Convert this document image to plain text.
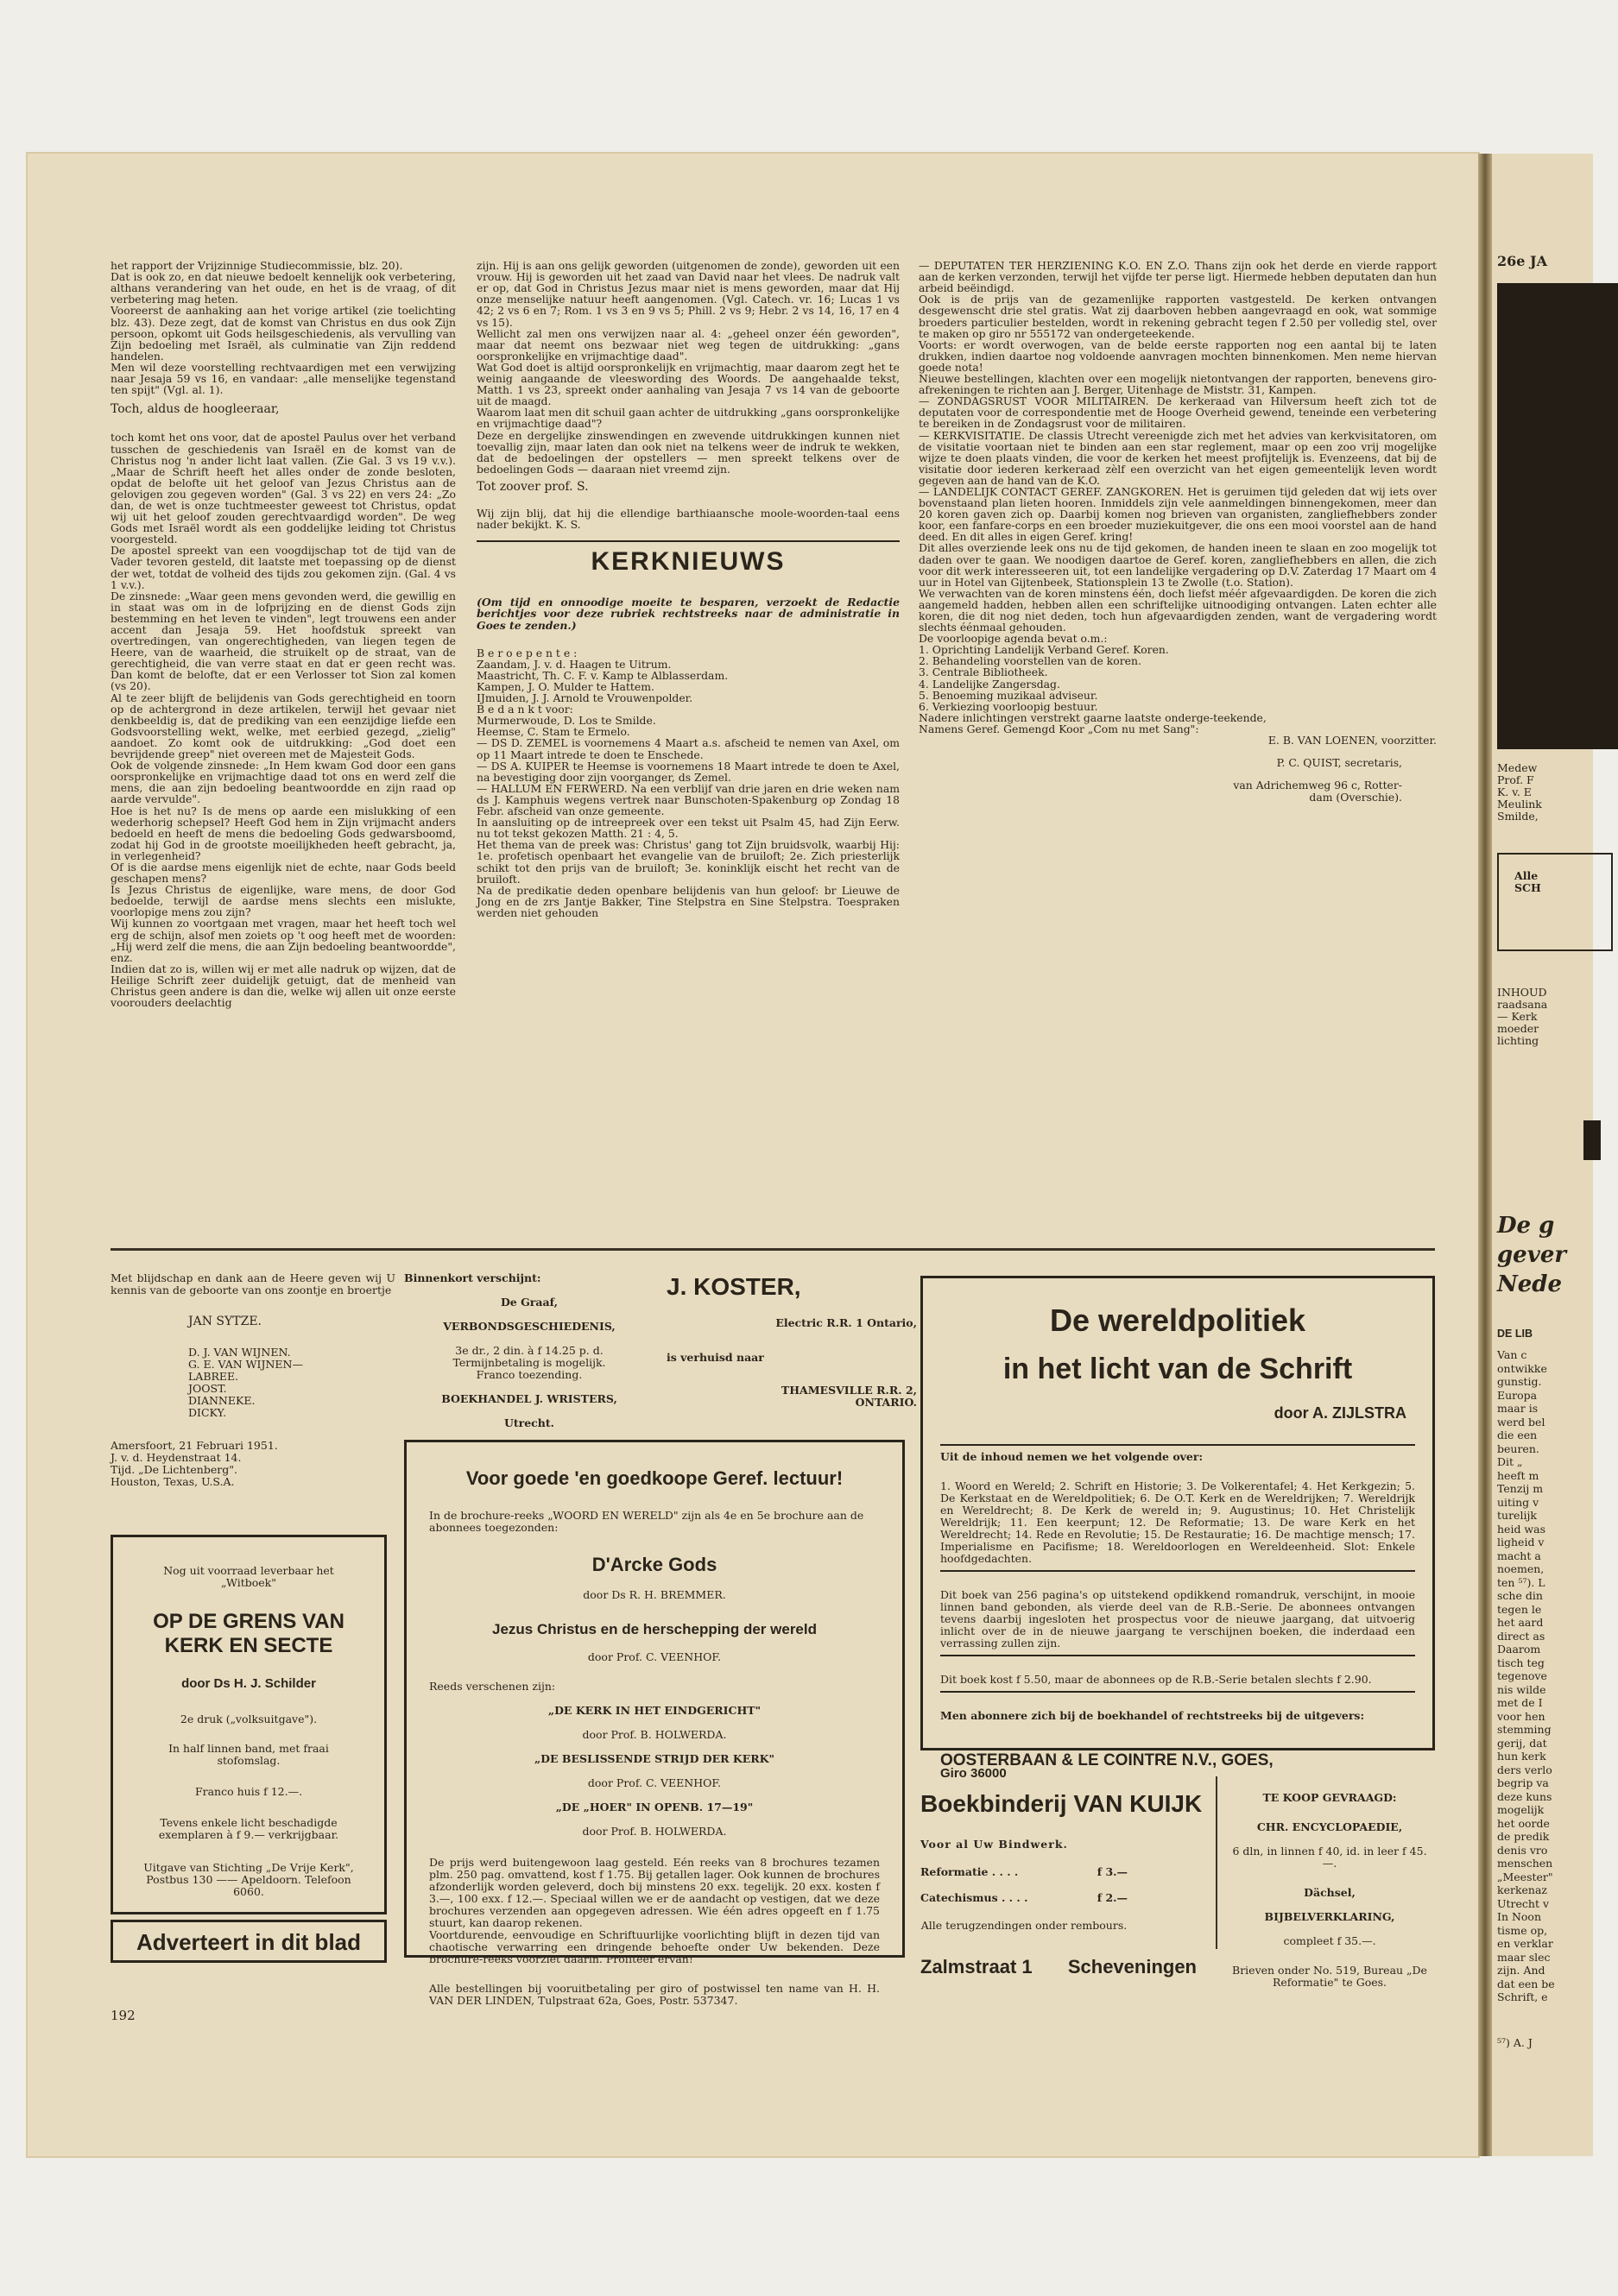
het rapport der Vrijzinnige Studiecommissie, blz. 20).
Dat is ook zo, en dat nieuwe bedoelt kennelijk ook verbetering, althans verandering van het oude, en het is de vraag, of dit verbetering mag heten.
Vooreerst de aanhaking aan het vorige artikel (zie toelichting blz. 43). Deze zegt, dat de komst van Christus en dus ook Zijn persoon, opkomt uit Gods heilsgeschiedenis, als vervulling van Zijn bedoeling met Israël, als culminatie van Zijn reddend handelen.
Men wil deze voorstelling rechtvaardigen met een verwijzing naar Jesaja 59 vs 16, en vandaar: „alle menselijke tegenstand ten spijt" (Vgl. al. 1).

Toch, aldus de hoogleeraar,

toch komt het ons voor, dat de apostel Paulus over het verband tusschen de geschiedenis van Israël en de komst van de Christus nog 'n ander licht laat vallen. (Zie Gal. 3 vs 19 v.v.). „Maar de Schrift heeft het alles onder de zonde besloten, opdat de belofte uit het geloof van Jezus Christus aan de gelovigen zou gegeven worden" (Gal. 3 vs 22) en vers 24: „Zo dan, de wet is onze tuchtmeester geweest tot Christus, opdat wij uit het geloof zouden gerechtvaardigd worden". De weg Gods met Israël wordt als een goddelijke leiding tot Christus voorgesteld.
De apostel spreekt van een voogdijschap tot de tijd van de Vader tevoren gesteld, dit laatste met toepassing op de dienst der wet, totdat de volheid des tijds zou gekomen zijn. (Gal. 4 vs 1 v.v.).
De zinsnede: „Waar geen mens gevonden werd, die gewillig en in staat was om in de lofprijzing en de dienst Gods zijn bestemming en het leven te vinden", legt trouwens een ander accent dan Jesaja 59. Het hoofdstuk spreekt van overtredingen, van ongerechtigheden, van liegen tegen de Heere, van de waarheid, die struikelt op de straat, van de gerechtigheid, die van verre staat en dat er geen recht was. Dan komt de belofte, dat er een Verlosser tot Sion zal komen (vs 20).
Al te zeer blijft de belijdenis van Gods gerechtigheid en toorn op de achtergrond in deze artikelen, terwijl het gevaar niet denkbeeldig is, dat de prediking van een eenzijdige liefde een Godsvoorstelling wekt, welke, met eerbied gezegd, „zielig" aandoet. Zo komt ook de uitdrukking: „God doet een bevrijdende greep" niet overeen met de Majesteit Gods.
Ook de volgende zinsnede: „In Hem kwam God door een gans oorspronkelijke en vrijmachtige daad tot ons en werd zelf die mens, die aan zijn bedoeling beantwoordde en zijn raad op aarde vervulde".
Hoe is het nu? Is de mens op aarde een mislukking of een wederhorig schepsel? Heeft God hem in Zijn vrijmacht anders bedoeld en heeft de mens die bedoeling Gods gedwarsboomd, zodat hij God in de grootste moeilijkheden heeft gebracht, ja, in verlegenheid?
Of is die aardse mens eigenlijk niet de echte, naar Gods beeld geschapen mens?
Is Jezus Christus de eigenlijke, ware mens, de door God bedoelde, terwijl de aardse mens slechts een mislukte, voorlopige mens zou zijn?
Wij kunnen zo voortgaan met vragen, maar het heeft toch wel erg de schijn, alsof men zoiets op 't oog heeft met de woorden: „Hij werd zelf die mens, die aan Zijn bedoeling beantwoordde", enz.
Indien dat zo is, willen wij er met alle nadruk op wijzen, dat de Heilige Schrift zeer duidelijk getuigt, dat de menheid van Christus geen andere is dan die, welke wij allen uit onze eerste voorouders deelachtig

zijn. Hij is aan ons gelijk geworden (uitgenomen de zonde), geworden uit een vrouw. Hij is geworden uit het zaad van David naar het vlees. De nadruk valt er op, dat God in Christus Jezus maar niet is mens geworden, maar dat Hij onze menselijke natuur heeft aangenomen. (Vgl. Catech. vr. 16; Lucas 1 vs 42; 2 vs 6 en 7; Rom. 1 vs 3 en 9 vs 5; Phill. 2 vs 9; Hebr. 2 vs 14, 16, 17 en 4 vs 15).
Wellicht zal men ons verwijzen naar al. 4: „geheel onzer één geworden", maar dat neemt ons bezwaar niet weg tegen de uitdrukking: „gans oorspronkelijke en vrijmachtige daad".
Wat God doet is altijd oorspronkelijk en vrijmachtig, maar daarom zegt het te weinig aangaande de vleeswording des Woords. De aangehaalde tekst, Matth. 1 vs 23, spreekt onder aanhaling van Jesaja 7 vs 14 van de geboorte uit de maagd.
Waarom laat men dit schuil gaan achter de uitdrukking „gans oorspronkelijke en vrijmachtige daad"?
Deze en dergelijke zinswendingen en zwevende uitdrukkingen kunnen niet toevallig zijn, maar laten dan ook niet na telkens weer de indruk te wekken, dat de bedoelingen der opstellers — men spreekt telkens over de bedoelingen Gods — daaraan niet vreemd zijn.

Tot zoover prof. S.

Wij zijn blij, dat hij die ellendige barthiaansche moole-woorden-taal eens nader bekijkt. K. S.

KERKNIEUWS

(Om tijd en onnoodige moeite te besparen, verzoekt de Redactie berichtjes voor deze rubriek rechtstreeks naar de administratie in Goes te zenden.)

B e r o e p e n t e :
Zaandam, J. v. d. Haagen te Uitrum.
Maastricht, Th. C. F. v. Kamp te Alblasserdam.
Kampen, J. O. Mulder te Hattem.
IJmuiden, J. J. Arnold te Vrouwenpolder.
B e d a n k t voor:
Murmerwoude, D. Los te Smilde.
Heemse, C. Stam te Ermelo.
— DS D. ZEMEL is voornemens 4 Maart a.s. afscheid te nemen van Axel, om op 11 Maart intrede te doen te Enschede.
— DS A. KUIPER te Heemse is voornemens 18 Maart intrede te doen te Axel, na bevestiging door zijn voorganger, ds Zemel.
— HALLUM EN FERWERD. Na een verblijf van drie jaren en drie weken nam ds J. Kamphuis wegens vertrek naar Bunschoten-Spakenburg op Zondag 18 Febr. afscheid van onze gemeente.
In aansluiting op de intreepreek over een tekst uit Psalm 45, had Zijn Eerw. nu tot tekst gekozen Matth. 21 : 4, 5.
Het thema van de preek was: Christus' gang tot Zijn bruidsvolk, waarbij Hij: 1e. profetisch openbaart het evangelie van de bruiloft; 2e. Zich priesterlijk schikt tot den prijs van de bruiloft; 3e. koninklijk eischt het recht van de bruiloft.
Na de predikatie deden openbare belijdenis van hun geloof: br Lieuwe de Jong en de zrs Jantje Bakker, Tine Stelpstra en Sine Stelpstra. Toespraken werden niet gehouden

— DEPUTATEN TER HERZIENING K.O. EN Z.O. Thans zijn ook het derde en vierde rapport aan de kerken verzonden, terwijl het vijfde ter perse ligt. Hiermede hebben deputaten dan hun arbeid beëindigd.
Ook is de prijs van de gezamenlijke rapporten vastgesteld. De kerken ontvangen desgewenscht drie stel gratis. Wat zij daarboven hebben aangevraagd en ook, wat sommige broeders particulier bestelden, wordt in rekening gebracht tegen f 2.50 per volledig stel, over te maken op giro nr 555172 van ondergeteekende.
Voorts: er wordt overwogen, van de belde eerste rapporten nog een aantal bij te laten drukken, indien daartoe nog voldoende aanvragen mochten binnenkomen. Men neme hiervan goede nota!
Nieuwe bestellingen, klachten over een mogelijk nietontvangen der rapporten, benevens giro-afrekeningen te richten aan J. Berger, Uitenhage de Miststr. 31, Kampen.
— ZONDAGSRUST VOOR MILITAIREN. De kerkeraad van Hilversum heeft zich tot de deputaten voor de correspondentie met de Hooge Overheid gewend, teneinde een verbetering te bereiken in de Zondagsrust voor de militairen.
— KERKVISITATIE. De classis Utrecht vereenigde zich met het advies van kerkvisitatoren, om de visitatie voortaan niet te binden aan een star reglement, maar op een zoo vrij mogelijke wijze te doen plaats vinden, die voor de kerken het meest profijtelijk is. Evenzeens, dat bij de visitatie door iederen kerkeraad zèlf een overzicht van het eigen gemeentelijk leven wordt gegeven aan de hand van de K.O.
— LANDELIJK CONTACT GEREF. ZANGKOREN. Het is geruimen tijd geleden dat wij iets over bovenstaand plan lieten hooren. Inmiddels zijn vele aanmeldingen binnengekomen, meer dan 20 koren gaven zich op. Daarbij komen nog brieven van organisten, zangliefhebbers zonder koor, een fanfare-corps en een broeder muziekuitgever, die ons een mooi voorstel aan de hand deed. En dit alles in eigen Geref. kring!
Dit alles overziende leek ons nu de tijd gekomen, de handen ineen te slaan en zoo mogelijk tot daden over te gaan. We noodigen daartoe de Geref. koren, zangliefhebbers en allen, die zich voor dit werk interesseeren uit, tot een landelijke vergadering op D.V. Zaterdag 17 Maart om 4 uur in Hotel van Gijtenbeek, Stationsplein 13 te Zwolle (t.o. Station).
We verwachten van de koren minstens één, doch liefst méér afgevaardigden. De koren die zich aangemeld hadden, hebben allen een schriftelijke uitnoodiging ontvangen. Laten echter alle koren, die dit nog niet deden, toch hun afgevaardigden zenden, want de vergadering wordt slechts éénmaal gehouden.
De voorloopige agenda bevat o.m.:
1. Oprichting Landelijk Verband Geref. Koren.
2. Behandeling voorstellen van de koren.
3. Centrale Bibliotheek.
4. Landelijke Zangersdag.
5. Benoeming muzikaal adviseur.
6. Verkiezing voorloopig bestuur.
Nadere inlichtingen verstrekt gaarne laatste onderge-teekende,
Namens Geref. Gemengd Koor „Com nu met Sang":

E. B. VAN LOENEN, voorzitter.

P. C. QUIST, secretaris,

van Adrichemweg 96 c, Rotter-
dam (Overschie).

Met blijdschap en dank aan de Heere geven wij U kennis van de geboorte van ons zoontje en broertje

JAN SYTZE.

D. J. VAN WIJNEN.
G. E. VAN WIJNEN—
LABREE.
JOOST.
DIANNEKE.
DICKY.

Amersfoort, 21 Februari 1951.
J. v. d. Heydenstraat 14.
Tijd. „De Lichtenberg".
Houston, Texas, U.S.A.

Nog uit voorraad leverbaar het „Witboek"

OP DE GRENS VAN KERK EN SECTE

door Ds H. J. Schilder

2e druk („volksuitgave").

In half linnen band, met fraai stofomslag.

Franco huis f 12.—.

Tevens enkele licht beschadigde exemplaren à f 9.— verkrijgbaar.

Uitgave van Stichting „De Vrije Kerk", Postbus 130 —— Apeldoorn. Telefoon 6060.

Adverteert in dit blad
192

Binnenkort verschijnt:

De Graaf,

VERBONDSGESCHIEDENIS,

3e dr., 2 din. à f 14.25 p. d.
Termijnbetaling is mogelijk.
Franco toezending.

BOEKHANDEL J. WRISTERS,

Utrecht.

J. KOSTER,

Electric R.R. 1 Ontario,

is verhuisd naar

THAMESVILLE R.R. 2,
ONTARIO.

Voor goede 'en goedkoope Geref. lectuur!

In de brochure-reeks „WOORD EN WERELD" zijn als 4e en 5e brochure aan de abonnees toegezonden:

D'Arcke Gods

door Ds R. H. BREMMER.

Jezus Christus en de herschepping der wereld

door Prof. C. VEENHOF.

Reeds verschenen zijn:

„DE KERK IN HET EINDGERICHT"

door Prof. B. HOLWERDA.

„DE BESLISSENDE STRIJD DER KERK"

door Prof. C. VEENHOF.

„DE „HOER" IN OPENB. 17—19"

door Prof. B. HOLWERDA.

De prijs werd buitengewoon laag gesteld. Eén reeks van 8 brochures tezamen plm. 250 pag. omvattend, kost f 1.75. Bij getallen lager. Ook kunnen de brochures afzonderlijk worden geleverd, doch bij minstens 20 exx. tegelijk. 20 exx. kosten f 3.—, 100 exx. f 12.—. Speciaal willen we er de aandacht op vestigen, dat we deze brochures verzenden aan opgegeven adressen. Wie één adres opgeeft en f 1.75 stuurt, kan daarop rekenen.
Voortdurende, eenvoudige en Schriftuurlijke voorlichting blijft in dezen tijd van chaotische verwarring een dringende behoefte onder Uw bekenden. Deze brochure-reeks voorziet daarin. Profiteer ervan!

Alle bestellingen bij vooruitbetaling per giro of postwissel ten name van H. H. VAN DER LINDEN, Tulpstraat 62a, Goes, Postr. 537347.

De wereldpolitiek

in het licht van de Schrift

door A. ZIJLSTRA

Uit de inhoud nemen we het volgende over:

1. Woord en Wereld; 2. Schrift en Historie; 3. De Volkerentafel; 4. Het Kerkgezin; 5. De Kerkstaat en de Wereldpolitiek; 6. De O.T. Kerk en de Wereldrijken; 7. Wereldrijk en Wereldrecht; 8. De Kerk de wereld in; 9. Augustinus; 10. Het Christelijk Wereldrijk; 11. Een keerpunt; 12. De Reformatie; 13. De ware Kerk en het Wereldrecht; 14. Rede en Revolutie; 15. De Restauratie; 16. De machtige mensch; 17. Imperialisme en Pacifisme; 18. Wereldoorlogen en Wereldeenheid. Slot: Enkele hoofdgedachten.

Dit boek van 256 pagina's op uitstekend opdikkend romandruk, verschijnt, in mooie linnen band gebonden, als vierde deel van de R.B.-Serie. De abonnees ontvangen tevens daarbij ingesloten het prospectus voor de nieuwe jaargang, dat uitvoerig inlicht over de in de nieuwe jaargang te verschijnen boeken, die inderdaad een verrassing zullen zijn.

Dit boek kost f 5.50, maar de abonnees op de R.B.-Serie betalen slechts f 2.90.

Men abonnere zich bij de boekhandel of rechtstreeks bij de uitgevers:

OOSTERBAAN & LE COINTRE N.V., GOES,
Giro 36000

Boekbinderij VAN KUIJK

Voor al Uw Bindwerk.

Reformatie . . . .	f 3.—

Catechismus . . . .	f 2.—

Alle terugzendingen onder rembours.

Zalmstraat 1 Scheveningen

TE KOOP GEVRAAGD:

CHR. ENCYCLOPAEDIE,

6 dln, in linnen f 40, id. in leer f 45.—.

Dächsel,

BIJBELVERKLARING,

compleet f 35.—.

Brieven onder No. 519, Bureau „De Reformatie" te Goes.

26e JA
Medew
Prof. F
K. v. E
Meulink
Smilde,
Alle
SCH
INHOUD
raadsana
— Kerk
moeder
lichting
De g
gever
Nede
DE LIB
Van c
ontwikke
gunstig.
Europa
maar is
werd bel
die een
beuren.
Dit „
heeft m
Tenzij m
uiting v
turelijk
heid was
ligheid v
macht a
noemen,
ten ⁵⁷). L
sche din
tegen le
het aard
direct as
Daarom
tisch teg
tegenove
nis wilde
met de I
voor hen
stemming
gerij, dat
hun kerk
ders verlo
begrip va
deze kuns
mogelijk
het oorde
de predik
denis vro
menschen
„Meester"
kerkenaz
Utrecht v
In Noon
tisme op,
en verklar
maar slec
zijn. And
dat een be
Schrift, e
⁵⁷) A. J
